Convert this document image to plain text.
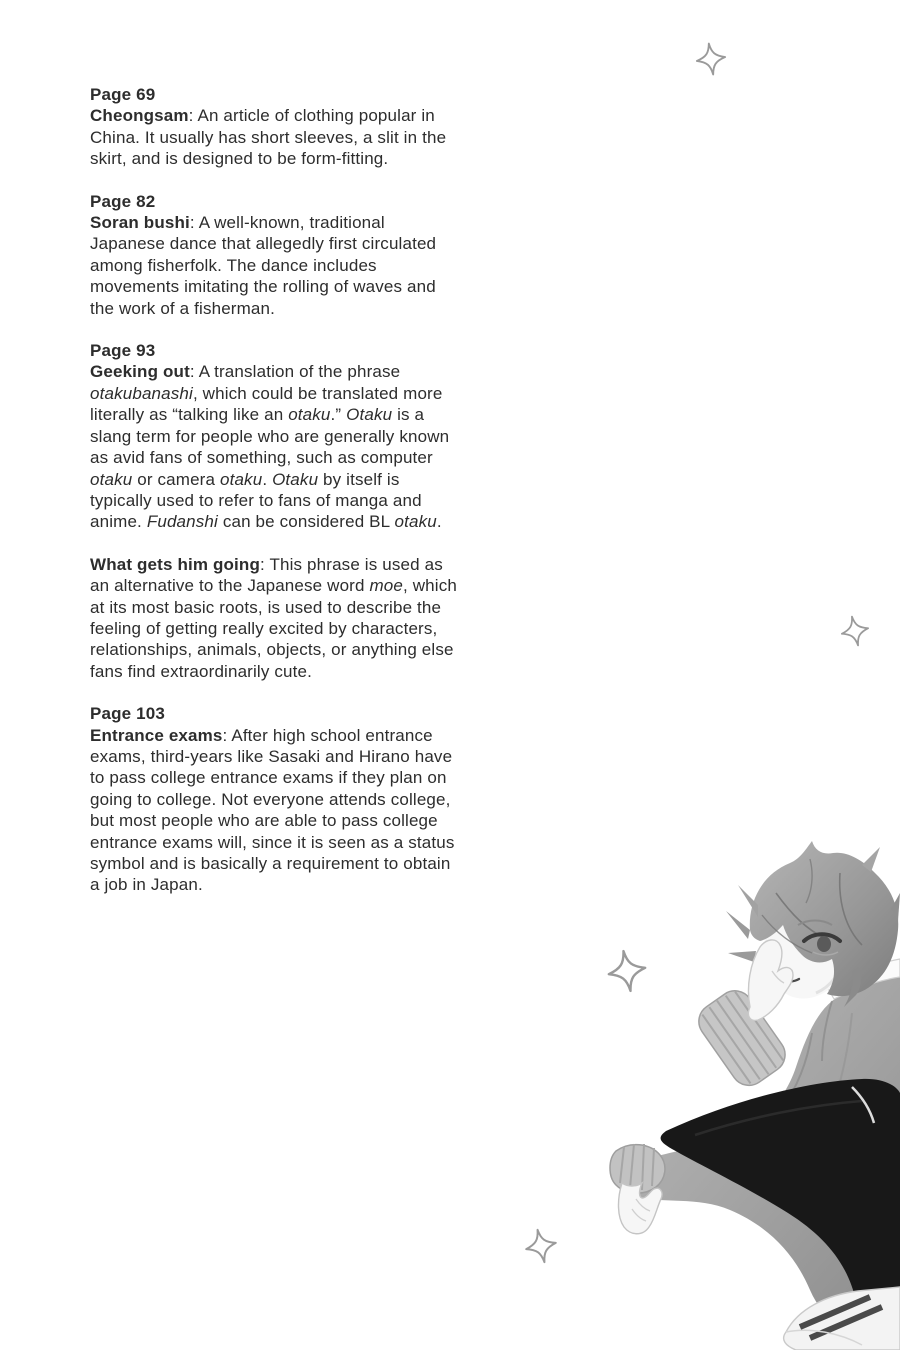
Page 69

Cheongsam: An article of clothing popular in China. It usually has short sleeves, a slit in the skirt, and is designed to be form-fitting.

Page 82

Soran bushi: A well-known, traditional Japanese dance that allegedly first circulated among fisherfolk. The dance includes movements imitating the rolling of waves and the work of a fisherman.

Page 93

Geeking out: A translation of the phrase otakubanashi, which could be translated more literally as “talking like an otaku.” Otaku is a slang term for people who are generally known as avid fans of something, such as computer otaku or camera otaku. Otaku by itself is typically used to refer to fans of manga and anime. Fudanshi can be considered BL otaku.

What gets him going: This phrase is used as an alternative to the Japanese word moe, which at its most basic roots, is used to describe the feeling of getting really excited by characters, relationships, animals, objects, or anything else fans find extraordinarily cute.

Page 103

Entrance exams: After high school entrance exams, third-years like Sasaki and Hirano have to pass college entrance exams if they plan on going to college. Not everyone attends college, but most people who are able to pass college entrance exams will, since it is seen as a status symbol and is basically a requirement to obtain a job in Japan.
